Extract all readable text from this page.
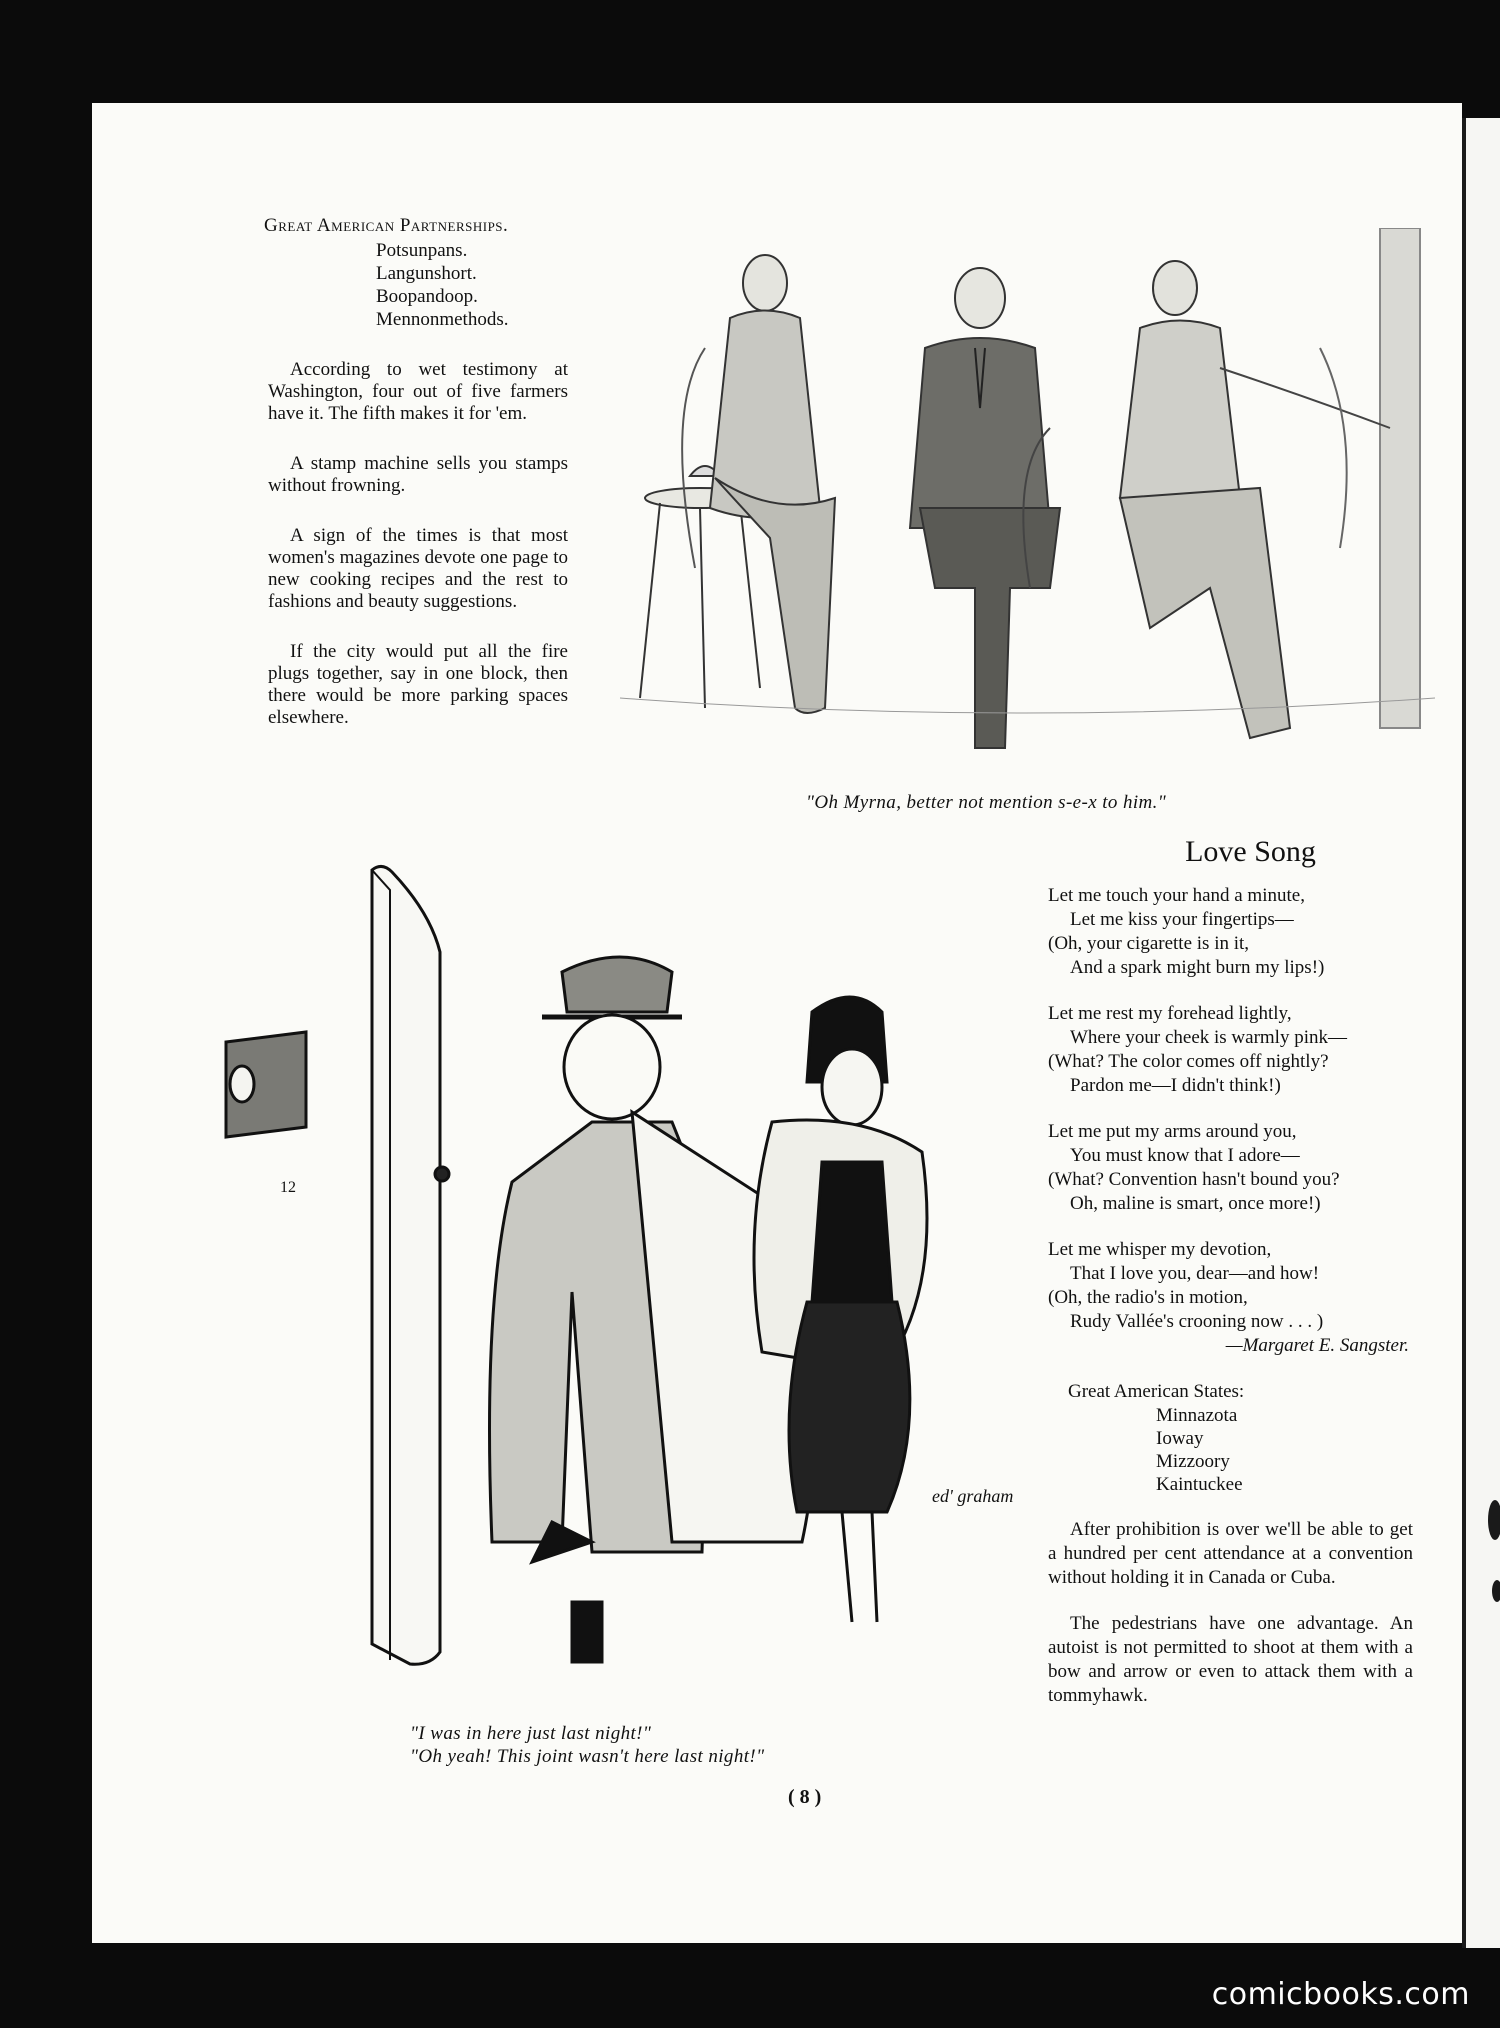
Great American Partnerships.
Potsunpans.
Langunshort.
Boopandoop.
Mennonmethods.

According to wet testimony at Washington, four out of five farmers have it. The fifth makes it for 'em.

A stamp machine sells you stamps without frowning.

A sign of the times is that most women's magazines devote one page to new cooking recipes and the rest to fashions and beauty suggestions.

If the city would put all the fire plugs together, say in one block, then there would be more parking spaces elsewhere.

"Oh Myrna, better not mention s-e-x to him."
12
ed' graham
"I was in here just last night!"
"Oh yeah! This joint wasn't here last night!"
( 8 )
Love Song
Let me touch your hand a minute,
Let me kiss your fingertips—
(Oh, your cigarette is in it,
And a spark might burn my lips!)
Let me rest my forehead lightly,
Where your cheek is warmly pink—
(What? The color comes off nightly?
Pardon me—I didn't think!)
Let me put my arms around you,
You must know that I adore—
(What? Convention hasn't bound you?
Oh, maline is smart, once more!)
Let me whisper my devotion,
That I love you, dear—and how!
(Oh, the radio's in motion,
Rudy Vallée's crooning now . . . )
—Margaret E. Sangster.
Great American States:
Minnazota
Ioway
Mizzoory
Kaintuckee

After prohibition is over we'll be able to get a hundred per cent attendance at a convention without holding it in Canada or Cuba.

The pedestrians have one advantage. An autoist is not permitted to shoot at them with a bow and arrow or even to attack them with a tommyhawk.

comicbooks.com
